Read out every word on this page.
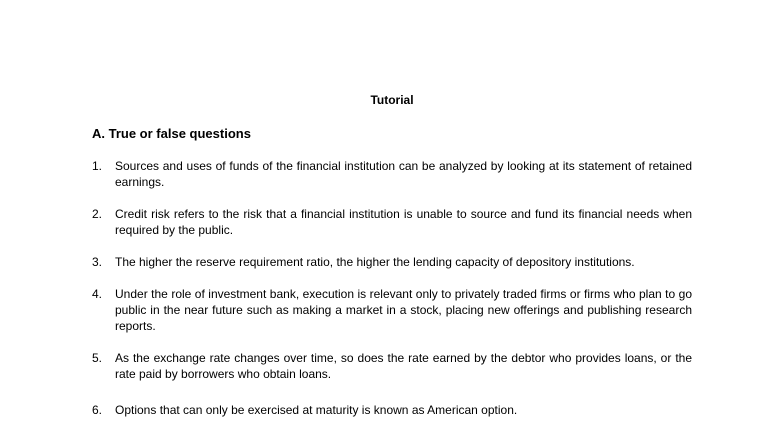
Tutorial
A. True or false questions
1.	Sources and uses of funds of the financial institution can be analyzed by looking at its statement of retained earnings.
2.	Credit risk refers to the risk that a financial institution is unable to source and fund its financial needs when required by the public.
3.	The higher the reserve requirement ratio, the higher the lending capacity of depository institutions.
4.	Under the role of investment bank, execution is relevant only to privately traded firms or firms who plan to go public in the near future such as making a market in a stock, placing new offerings and publishing research reports.
5.	As the exchange rate changes over time, so does the rate earned by the debtor who provides loans, or the rate paid by borrowers who obtain loans.
6.	Options that can only be exercised at maturity is known as American option.
